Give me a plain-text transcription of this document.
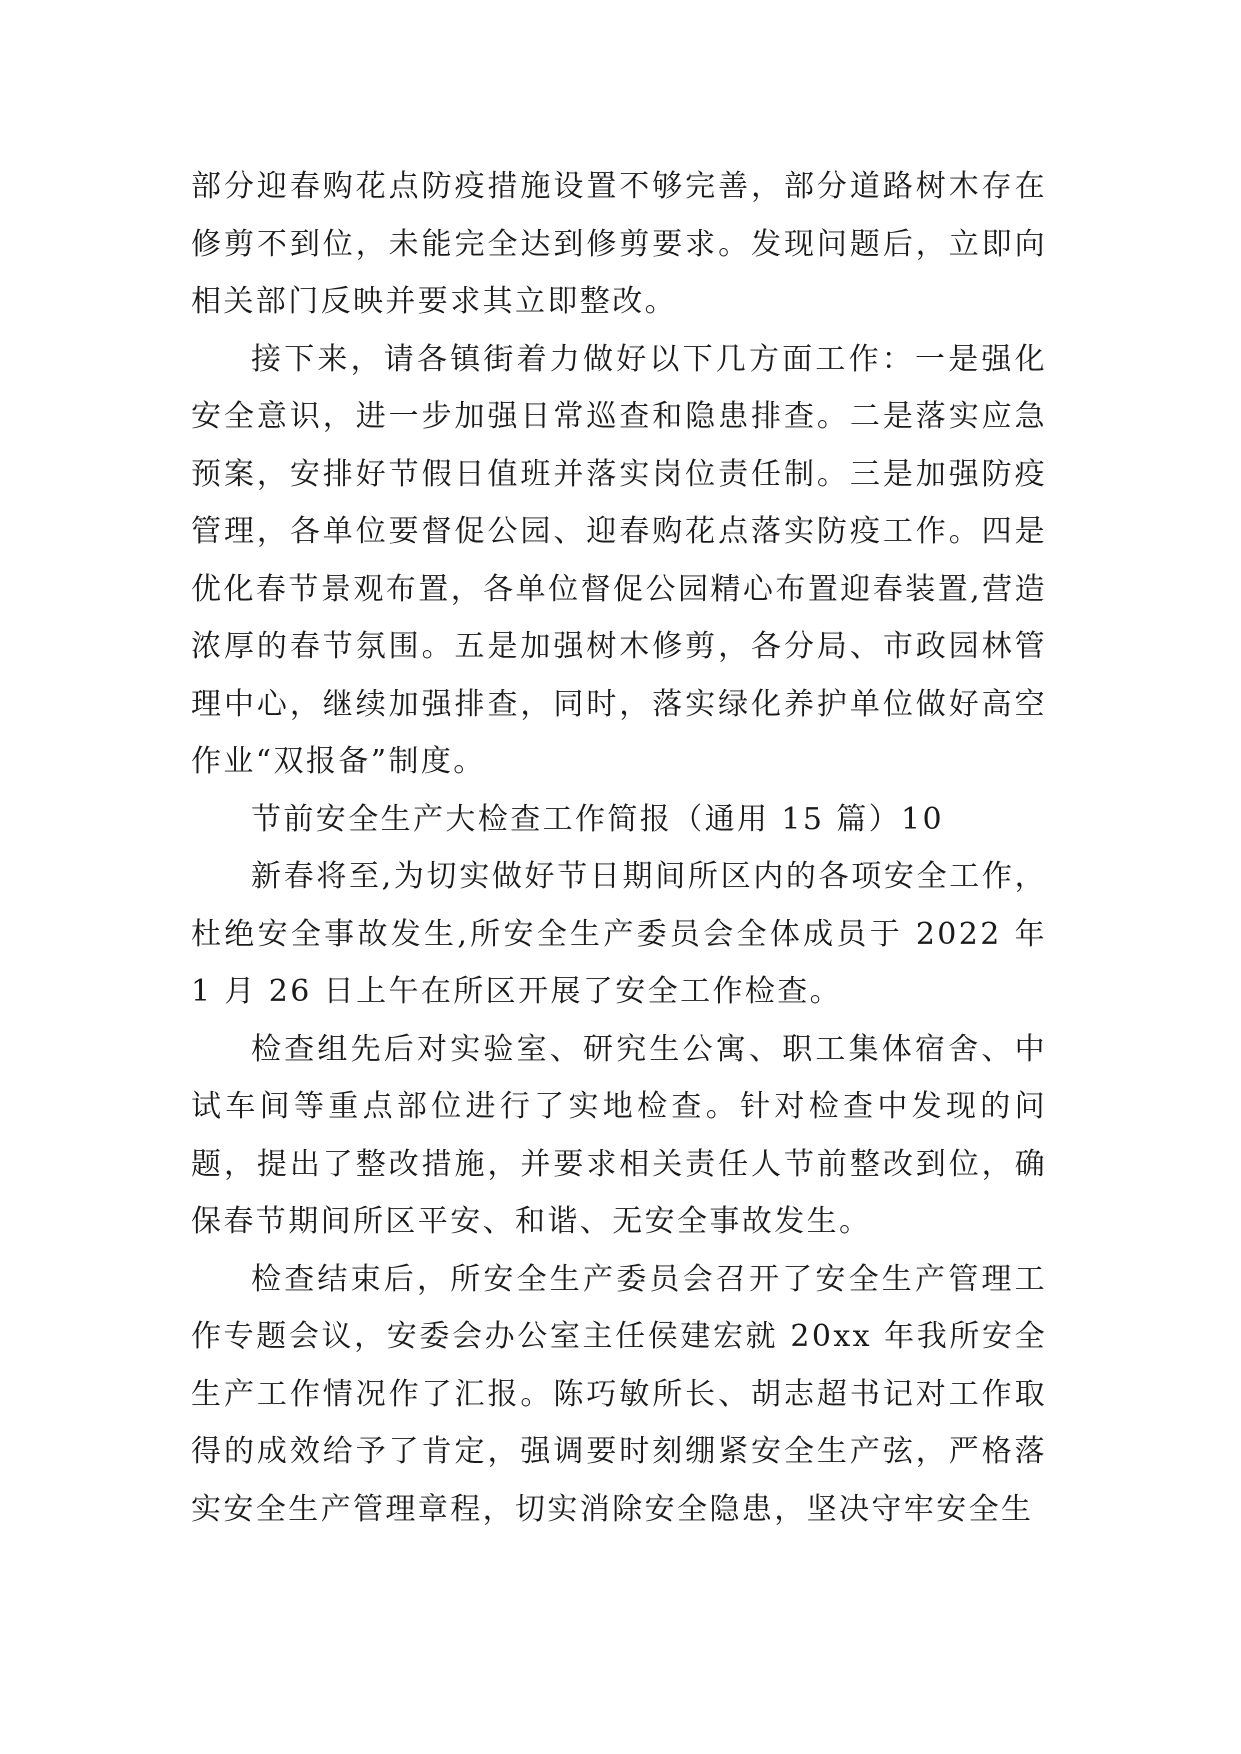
部分迎春购花点防疫措施设置不够完善，部分道路树木存在修剪不到位，未能完全达到修剪要求。发现问题后，立即向相关部门反映并要求其立即整改。

接下来，请各镇街着力做好以下几方面工作：一是强化安全意识，进一步加强日常巡查和隐患排查。二是落实应急预案，安排好节假日值班并落实岗位责任制。三是加强防疫管理，各单位要督促公园、迎春购花点落实防疫工作。四是优化春节景观布置，各单位督促公园精心布置迎春装置,营造浓厚的春节氛围。五是加强树木修剪，各分局、市政园林管理中心，继续加强排查，同时，落实绿化养护单位做好高空作业“双报备”制度。

节前安全生产大检查工作简报（通用 15 篇）10

新春将至,为切实做好节日期间所区内的各项安全工作，杜绝安全事故发生,所安全生产委员会全体成员于 2022 年 1 月 26 日上午在所区开展了安全工作检查。

检查组先后对实验室、研究生公寓、职工集体宿舍、中试车间等重点部位进行了实地检查。针对检查中发现的问题，提出了整改措施，并要求相关责任人节前整改到位，确保春节期间所区平安、和谐、无安全事故发生。

检查结束后，所安全生产委员会召开了安全生产管理工作专题会议，安委会办公室主任侯建宏就 20xx 年我所安全生产工作情况作了汇报。陈巧敏所长、胡志超书记对工作取得的成效给予了肯定，强调要时刻绷紧安全生产弦，严格落实安全生产管理章程，切实消除安全隐患，坚决守牢安全生
